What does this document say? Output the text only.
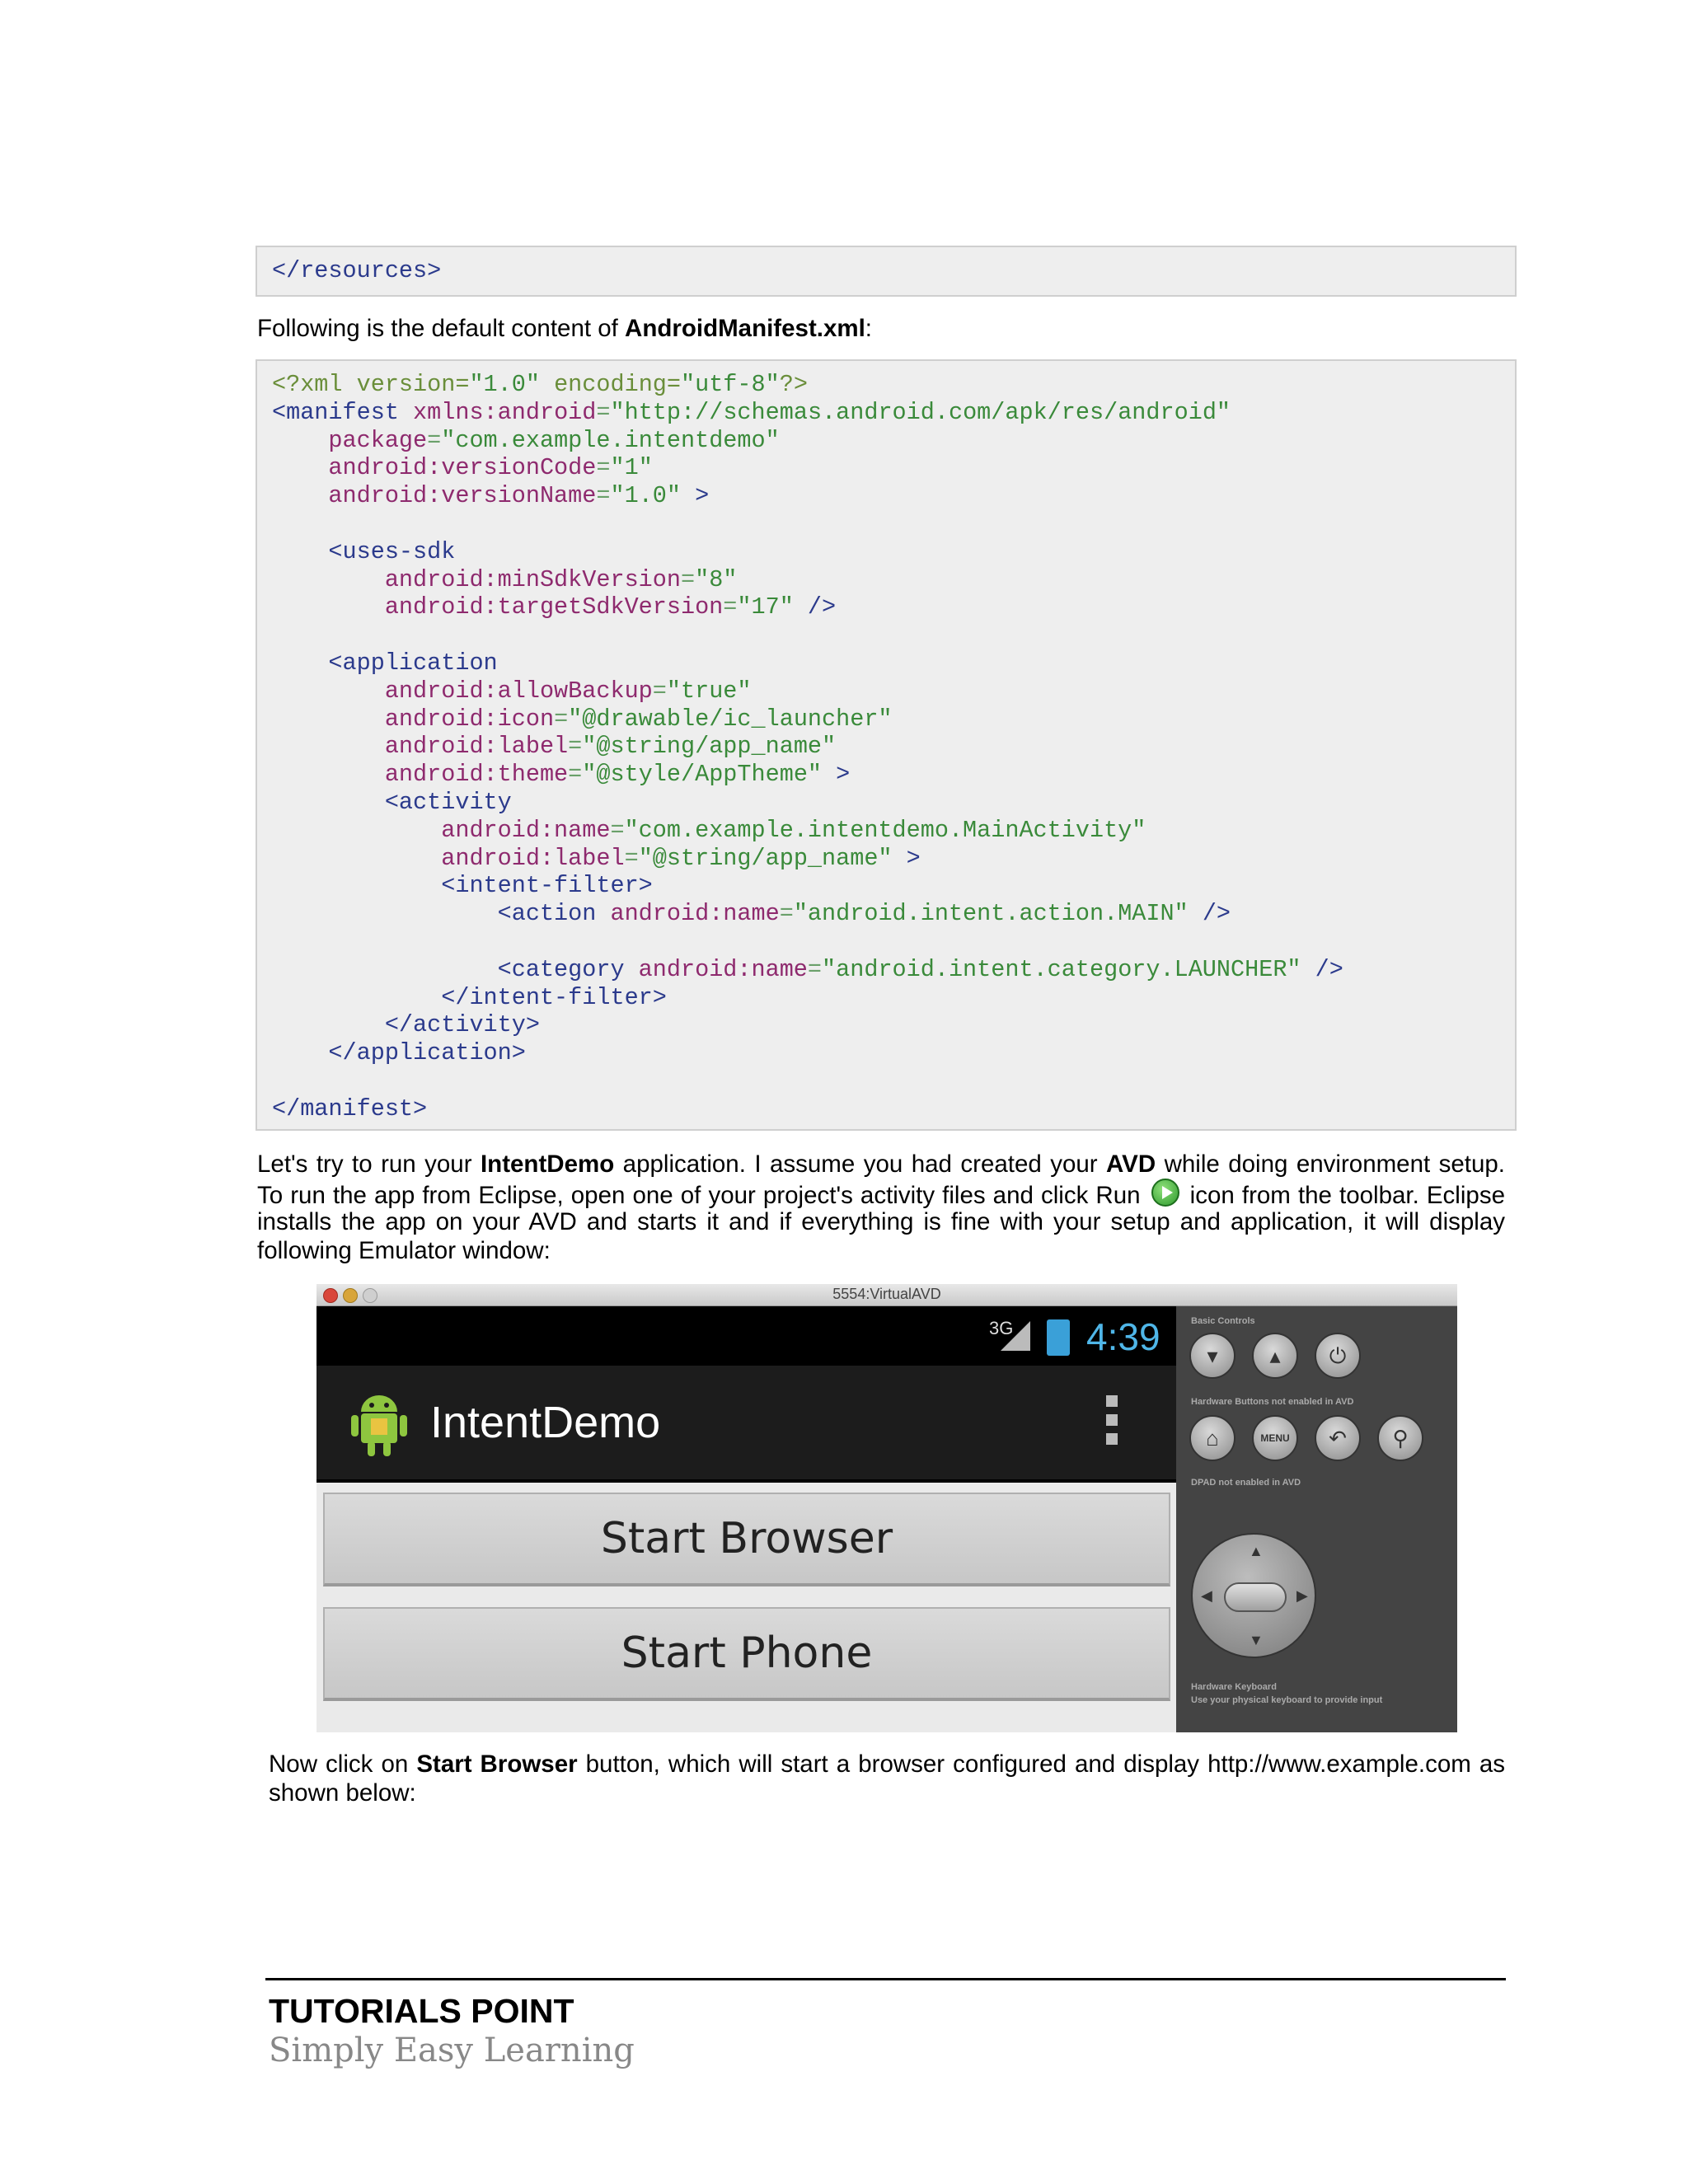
</resources>
Following is the default content of AndroidManifest.xml:
<?xml version="1.0" encoding="utf-8"?>
<manifest xmlns:android="http://schemas.android.com/apk/res/android"
package="com.example.intentdemo"
android:versionCode="1"
android:versionName="1.0" >

<uses-sdk
android:minSdkVersion="8"
android:targetSdkVersion="17" />

<application
android:allowBackup="true"
android:icon="@drawable/ic_launcher"
android:label="@string/app_name"
android:theme="@style/AppTheme" >
<activity
android:name="com.example.intentdemo.MainActivity"
android:label="@string/app_name" >
<intent-filter>
<action android:name="android.intent.action.MAIN" />

<category android:name="android.intent.category.LAUNCHER" />
</intent-filter>
</activity>
</application>

</manifest>
Let's try to run your IntentDemo application. I assume you had created your AVD while doing environment setup.
To run the app from Eclipse, open one of your project's activity files and click Run  icon from the toolbar. Eclipse
installs the app on your AVD and starts it and if everything is fine with your setup and application, it will display
following Emulator window:
5554:VirtualAVD
3G 4:39
IntentDemo
Start Browser
Start Phone
Basic Controls
▾	▴	⏻
Hardware Buttons not enabled in AVD
⌂	MENU	↶	⚲
DPAD not enabled in AVD
▲
▼
◀	▶
Hardware Keyboard
Use your physical keyboard to provide input
Now click on Start Browser button, which will start a browser configured and display http://www.example.com as
shown below:
TUTORIALS POINT
Simply Easy Learning
